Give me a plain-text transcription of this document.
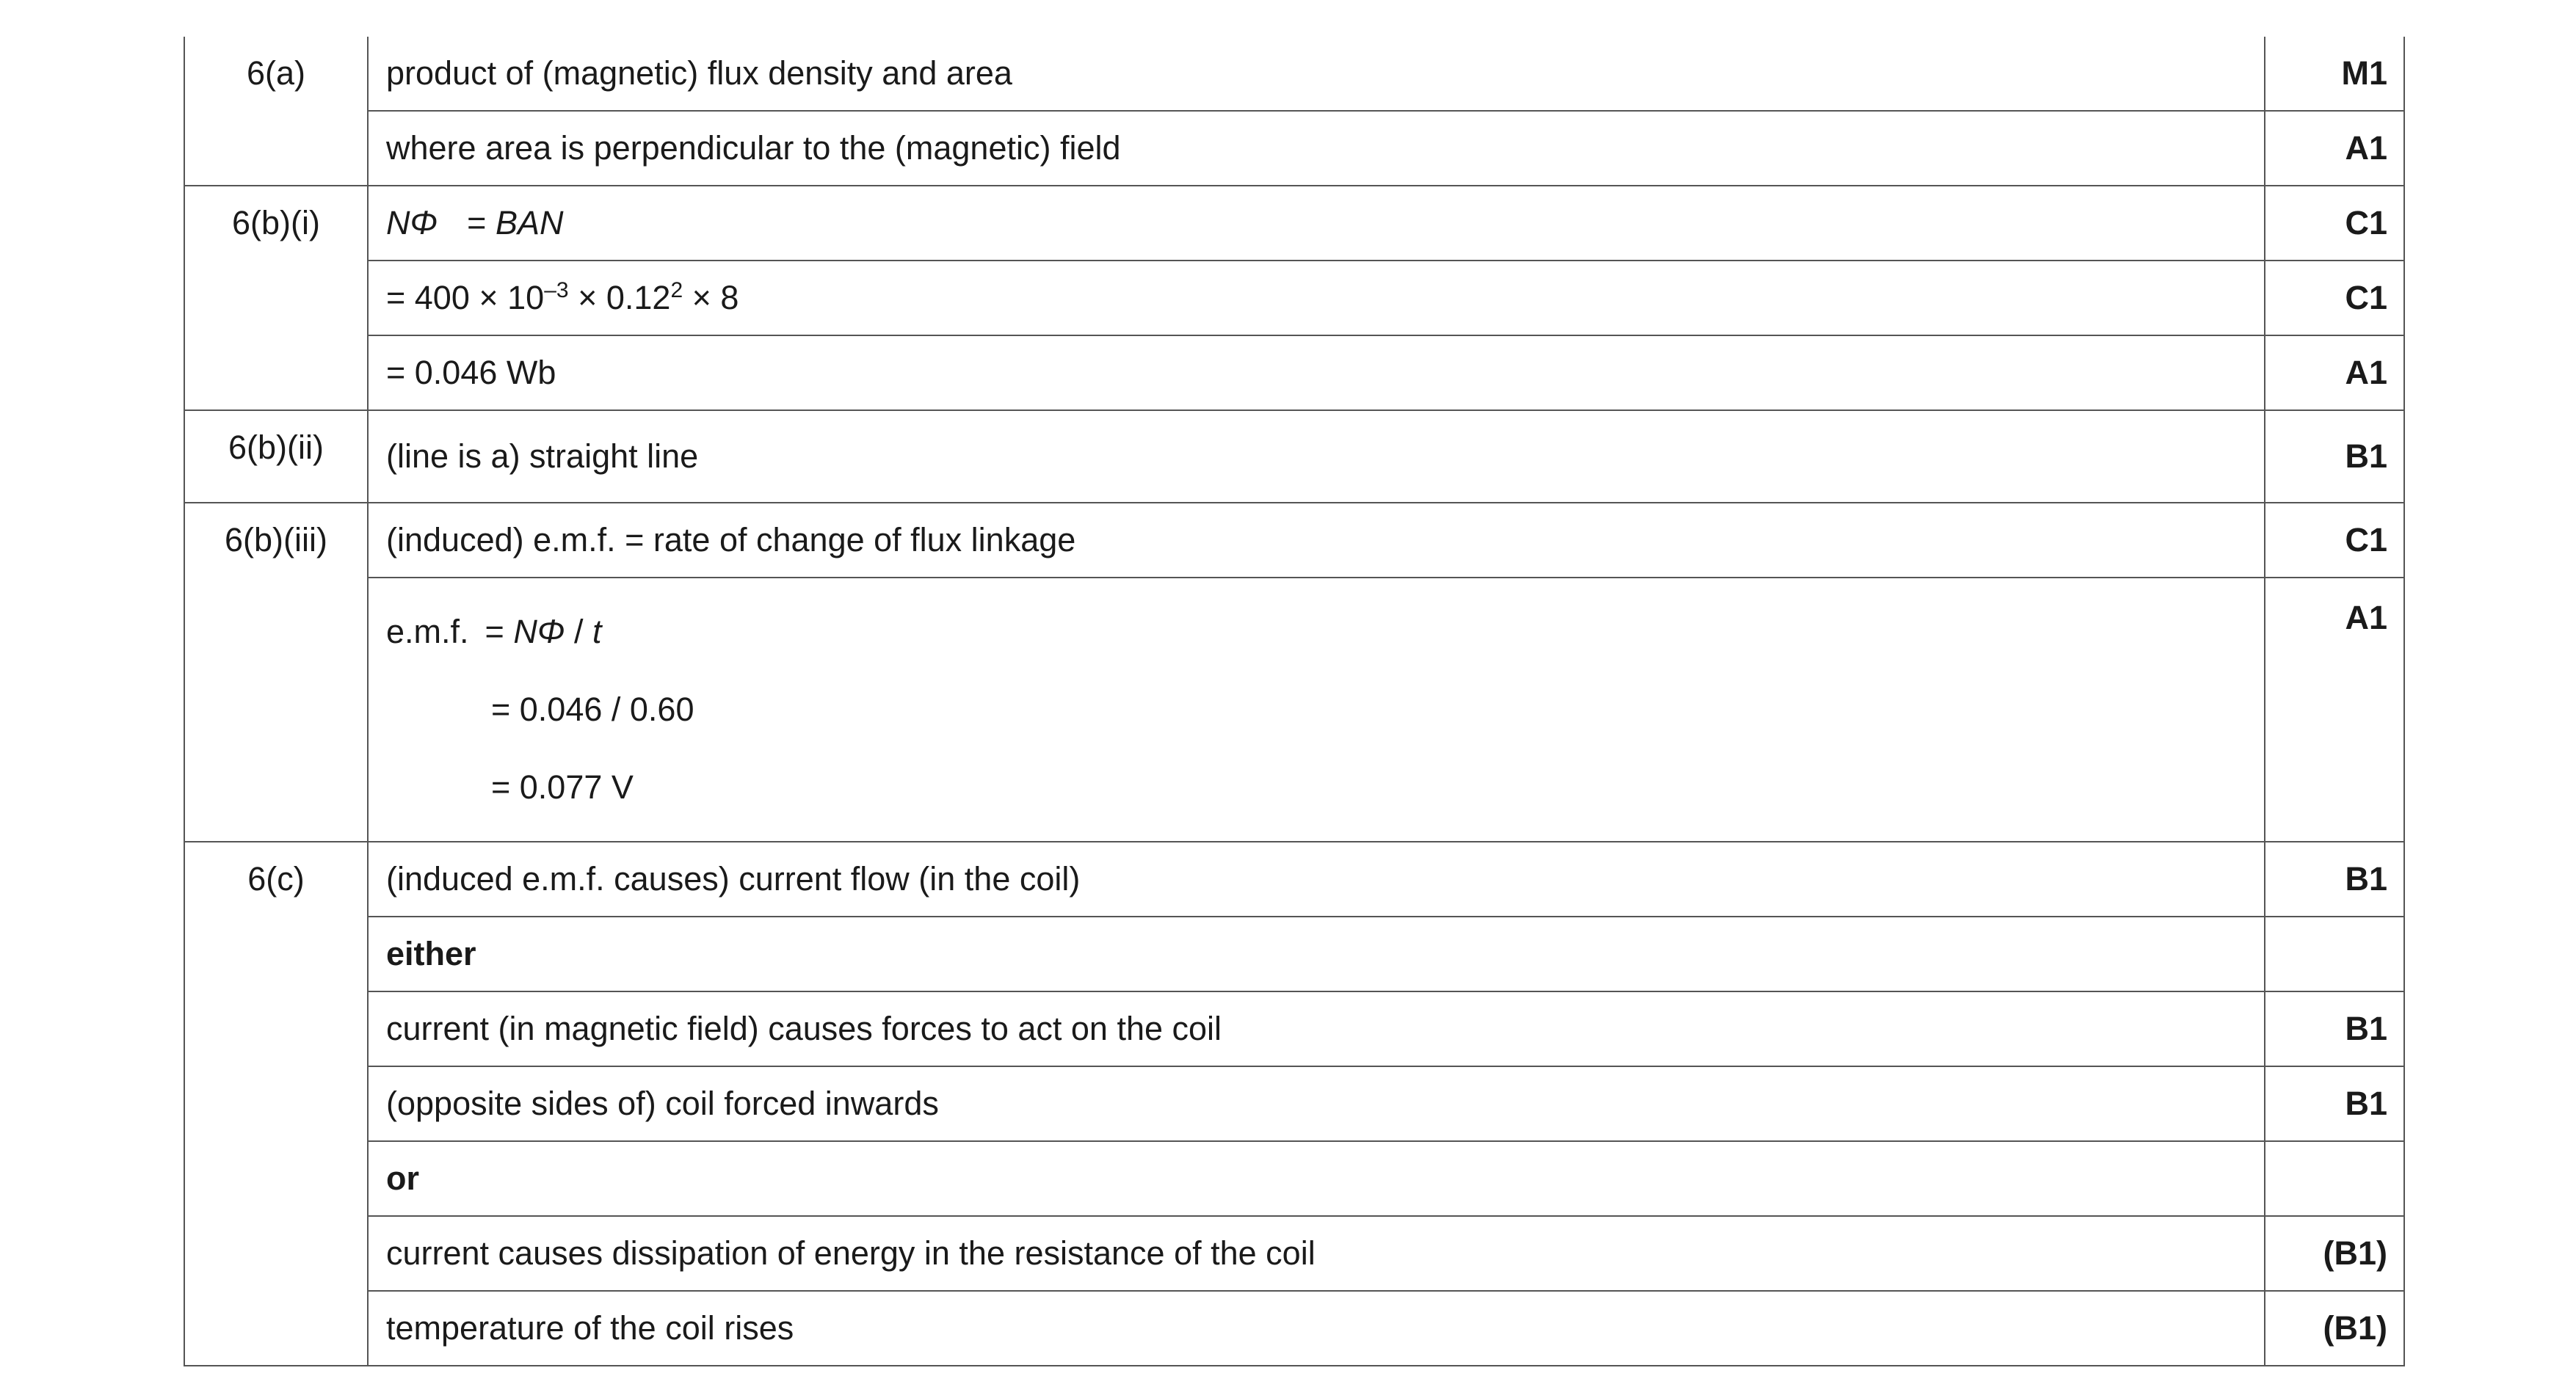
6(a)	product of (magnetic) flux density and area	M1
	where area is perpendicular to the (magnetic) field	A1
6(b)(i)	NΦ = BAN	C1
	= $400 \times 10^{-3} \times 0.12^2 \times 8$	C1
	= 0.046 Wb	A1
6(b)(ii)	(line is a) straight line	B1
6(b)(iii)	(induced) e.m.f. = rate of change of flux linkage	C1

	e.m.f. = NΦ / t
= 0.046 / 0.60
= 0.077 V	A1
6(c)	(induced e.m.f. causes) current flow (in the coil)	B1
	either	
	current (in magnetic field) causes forces to act on the coil	B1
	(opposite sides of) coil forced inwards	B1
	or	
	current causes dissipation of energy in the resistance of the coil	(B1)
	temperature of the coil rises	(B1)
